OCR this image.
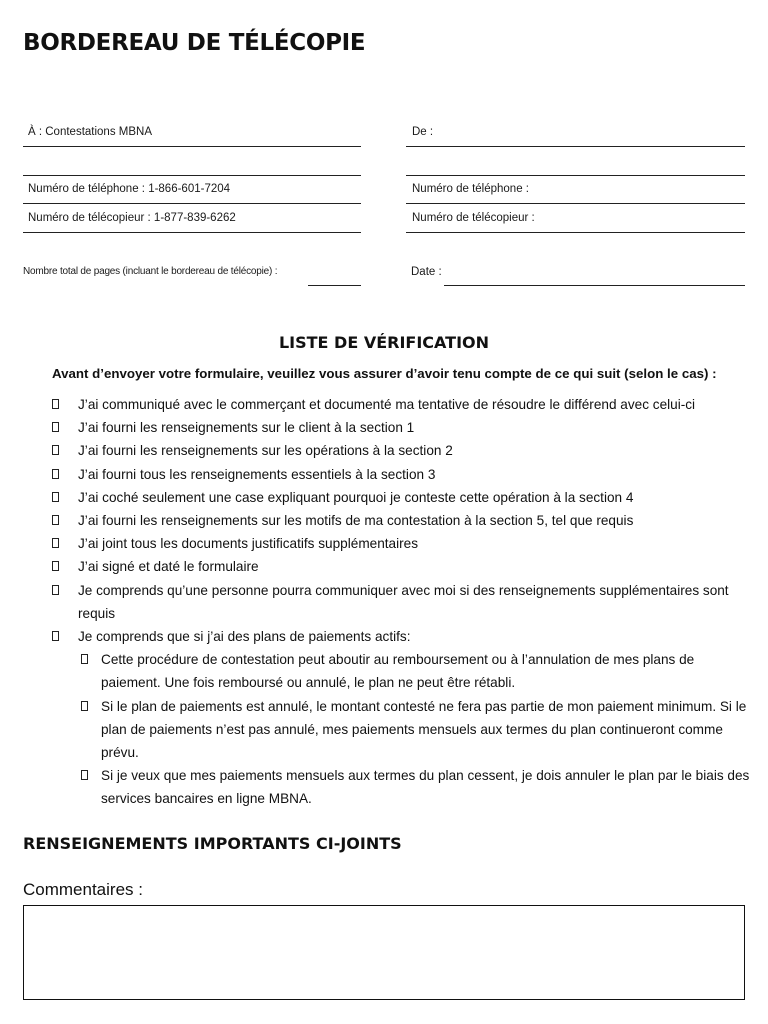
BORDEREAU DE TÉLÉCOPIE
À : Contestations MBNA
Numéro de téléphone : 1-866-601-7204
Numéro de télécopieur : 1-877-839-6262
De :
Numéro de téléphone :
Numéro de télécopieur :
Nombre total de pages (incluant le bordereau de télécopie) :	Date :
LISTE DE VÉRIFICATION
Avant d’envoyer votre formulaire, veuillez vous assurer d’avoir tenu compte de ce qui suit (selon le cas) :
J’ai communiqué avec le commerçant et documenté ma tentative de résoudre le différend avec celui-ci
J’ai fourni les renseignements sur le client à la section 1
J’ai fourni les renseignements sur les opérations à la section 2
J’ai fourni tous les renseignements essentiels à la section 3
J’ai coché seulement une case expliquant pourquoi je conteste cette opération à la section 4
J’ai fourni les renseignements sur les motifs de ma contestation à la section 5, tel que requis
J’ai joint tous les documents justificatifs supplémentaires
J’ai signé et daté le formulaire
Je comprends qu’une personne pourra communiquer avec moi si des renseignements supplémentaires sont requis
Je comprends que si j’ai des plans de paiements actifs:
Cette procédure de contestation peut aboutir au remboursement ou à l’annulation de mes plans de paiement. Une fois remboursé ou annulé, le plan ne peut être rétabli.
Si le plan de paiements est annulé, le montant contesté ne fera pas partie de mon paiement minimum. Si le plan de paiements n’est pas annulé, mes paiements mensuels aux termes du plan continueront comme prévu.
Si je veux que mes paiements mensuels aux termes du plan cessent, je dois annuler le plan par le biais des services bancaires en ligne MBNA.
RENSEIGNEMENTS IMPORTANTS CI-JOINTS
Commentaires :
